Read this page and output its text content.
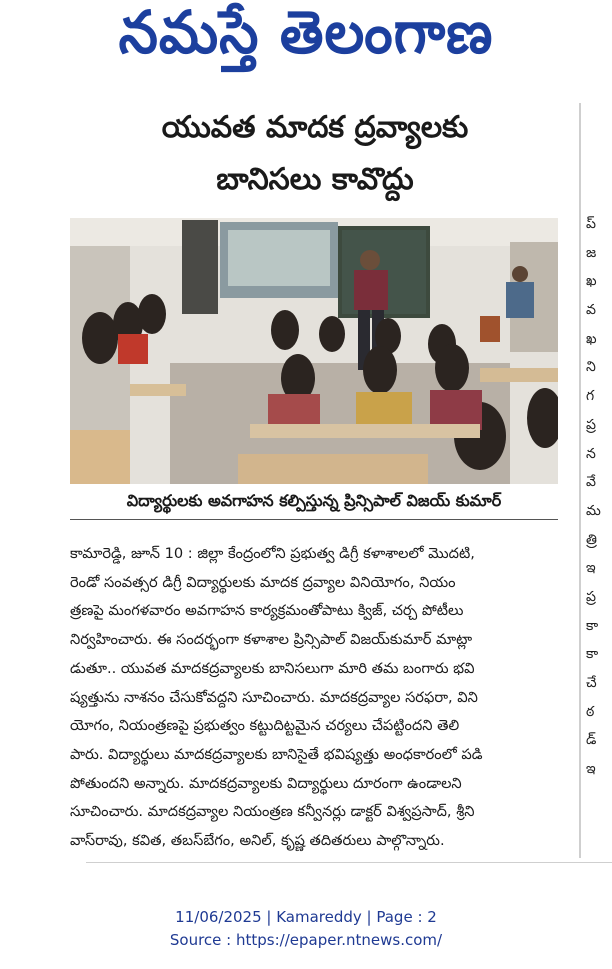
నమస్తే తెలంగాణ
యువత మాదక ద్రవ్యాలకు
బానిసలు కావొద్దు
విద్యార్థులకు అవగాహన కల్పిస్తున్న ప్రిన్సిపాల్ విజయ్ కుమార్

కామారెడ్డి, జూన్ 10 : జిల్లా కేంద్రంలోని ప్రభుత్వ డిగ్రీ కళాశాలలో మొదటి,

రెండో సంవత్సర డిగ్రీ విద్యార్థులకు మాదక ద్రవ్యాల వినియోగం, నియం

త్రణపై మంగళవారం అవగాహన కార్యక్రమంతోపాటు క్విజ్, చర్చ పోటీలు

నిర్వహించారు. ఈ సందర్భంగా కళాశాల ప్రిన్సిపాల్ విజయ్‌కుమార్ మాట్లా

డుతూ.. యువత మాదకద్రవ్యాలకు బానిసలుగా మారి తమ బంగారు భవి

ష్యత్తును నాశనం చేసుకోవద్దని సూచించారు. మాదకద్రవ్యాల సరఫరా, విని

యోగం, నియంత్రణపై ప్రభుత్వం కట్టుదిట్టమైన చర్యలు చేపట్టిందని తెలి

పారు. విద్యార్థులు మాదకద్రవ్యాలకు బానిసైతే భవిష్యత్తు అంధకారంలో పడి

పోతుందని అన్నారు. మాదకద్రవ్యాలకు విద్యార్థులు దూరంగా ఉండాలని

సూచించారు. మాదకద్రవ్యాల నియంత్రణ కన్వీనర్లు డాక్టర్ విశ్వప్రసాద్, శ్రీని

వాస్‌రావు, కవిత, తబస్‌బేగం, అనిల్, కృష్ణ తదితరులు పాల్గొన్నారు.

ప్
జ
ఖ
వ
ఖ
ని
గ
ప్ర
న
వే
మ
త్రి
ఇ
ప్ర
కా
కా
చే
ఠ
డ్
ఇ
11/06/2025 | Kamareddy | Page : 2
Source : https://epaper.ntnews.com/
